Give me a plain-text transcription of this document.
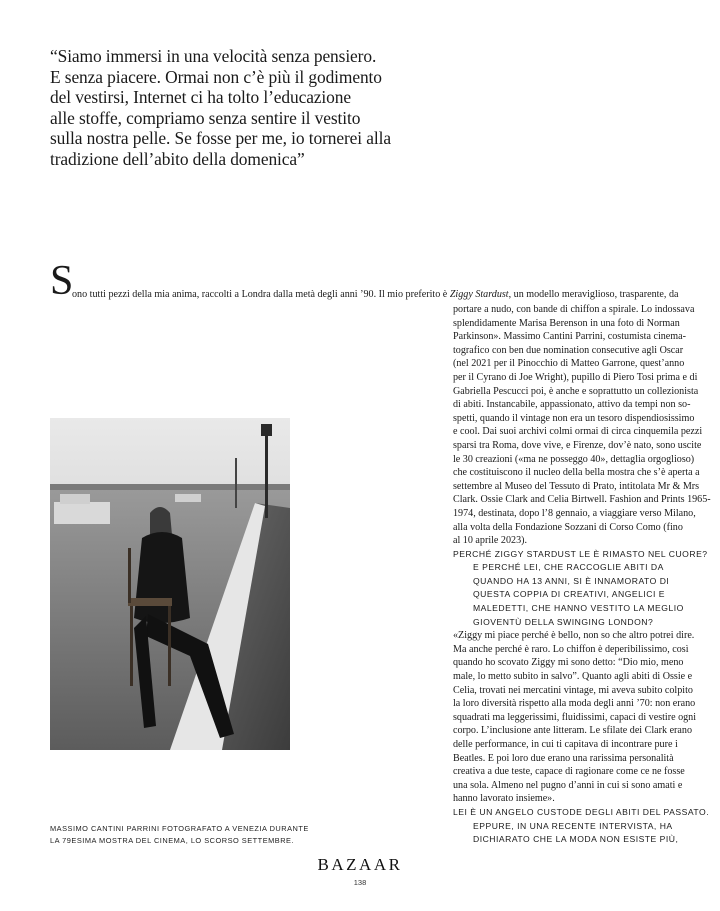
“Siamo immersi in una velocità senza pensiero.
E senza piacere. Ormai non c’è più il godimento
del vestirsi, Internet ci ha tolto l’educazione
alle stoffe, compriamo senza sentire il vestito
sulla nostra pelle. Se fosse per me, io tornerei alla
tradizione dell’abito della domenica”
S
ono tutti pezzi della mia anima, raccolti a Londra dalla metà degli anni ’90. Il mio preferito è Ziggy Stardust, un modello meraviglioso, trasparente, da
portare a nudo, con bande di chiffon a spirale. Lo indossava
splendidamente Marisa Berenson in una foto di Norman
Parkinson». Massimo Cantini Parrini, costumista cinema-
tografico con ben due nomination consecutive agli Oscar
(nel 2021 per il Pinocchio di Matteo Garrone, quest’anno
per il Cyrano di Joe Wright), pupillo di Piero Tosi prima e di
Gabriella Pescucci poi, è anche e soprattutto un collezionista
di abiti. Instancabile, appassionato, attivo da tempi non so-
spetti, quando il vintage non era un tesoro dispendiosissimo
e cool. Dai suoi archivi colmi ormai di circa cinquemila pezzi
sparsi tra Roma, dove vive, e Firenze, dov’è nato, sono uscite
le 30 creazioni («ma ne posseggo 40», dettaglia orgoglioso)
che costituiscono il nucleo della bella mostra che s’è aperta a
settembre al Museo del Tessuto di Prato, intitolata Mr & Mrs
Clark. Ossie Clark and Celia Birtwell. Fashion and Prints 1965-
1974, destinata, dopo l’8 gennaio, a viaggiare verso Milano,
alla volta della Fondazione Sozzani di Corso Como (fino
al 10 aprile 2023).
PERCHÉ ZIGGY STARDUST LE È RIMASTO NEL CUORE?
E PERCHÉ LEI, CHE RACCOGLIE ABITI DA
QUANDO HA 13 ANNI, SI È INNAMORATO DI
QUESTA COPPIA DI CREATIVI, ANGELICI E
MALEDETTI, CHE HANNO VESTITO LA MEGLIO
GIOVENTÙ DELLA SWINGING LONDON?
«Ziggy mi piace perché è bello, non so che altro potrei dire.
Ma anche perché è raro. Lo chiffon è deperibilissimo, così
quando ho scovato Ziggy mi sono detto: “Dio mio, meno
male, lo metto subito in salvo”. Quanto agli abiti di Ossie e
Celia, trovati nei mercatini vintage, mi aveva subito colpito
la loro diversità rispetto alla moda degli anni ’70: non erano
squadrati ma leggerissimi, fluidissimi, capaci di vestire ogni
corpo. L’inclusione ante litteram. Le sfilate dei Clark erano
delle performance, in cui ti capitava di incontrare pure i
Beatles. E poi loro due erano una rarissima personalità
creativa a due teste, capace di ragionare come ce ne fosse
una sola. Almeno nel pugno d’anni in cui si sono amati e
hanno lavorato insieme».
LEI È UN ANGELO CUSTODE DEGLI ABITI DEL PASSATO.
EPPURE, IN UNA RECENTE INTERVISTA, HA
DICHIARATO CHE LA MODA NON ESISTE PIÙ,
MASSIMO CANTINI PARRINI FOTOGRAFATO A VENEZIA DURANTE
LA 79ESIMA MOSTRA DEL CINEMA, LO SCORSO SETTEMBRE.
BAZAAR
138
